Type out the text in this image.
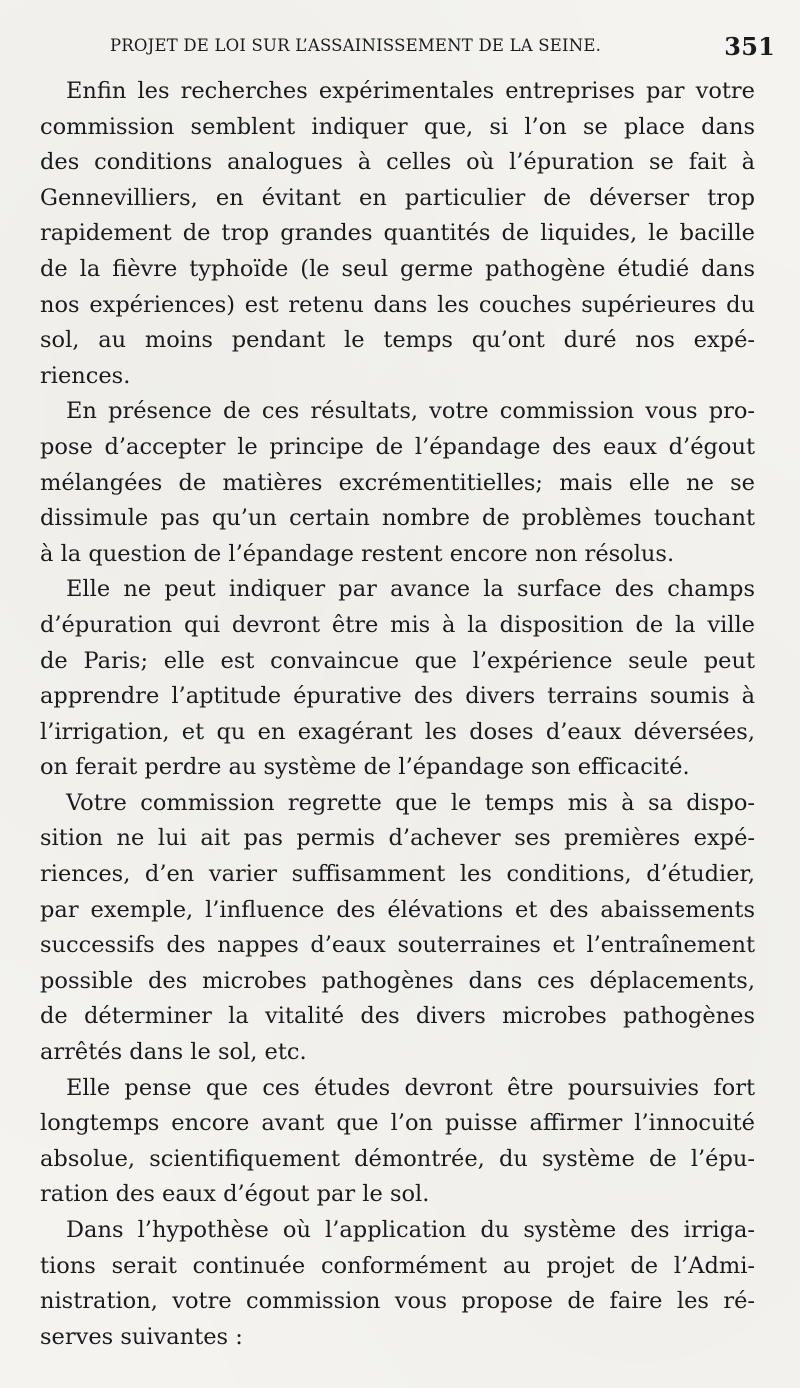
PROJET DE LOI SUR L’ASSAINISSEMENT DE LA SEINE.	351
Enfin les recherches expérimentales entreprises par votre
commission semblent indiquer que, si l’on se place dans
des conditions analogues à celles où l’épuration se fait à
Gennevilliers, en évitant en particulier de déverser trop
rapidement de trop grandes quantités de liquides, le bacille
de la fièvre typhoïde (le seul germe pathogène étudié dans
nos expériences) est retenu dans les couches supérieures du
sol, au moins pendant le temps qu’ont duré nos expé-
riences.
En présence de ces résultats, votre commission vous pro-
pose d’accepter le principe de l’épandage des eaux d’égout
mélangées de matières excrémentitielles; mais elle ne se
dissimule pas qu’un certain nombre de problèmes touchant
à la question de l’épandage restent encore non résolus.
Elle ne peut indiquer par avance la surface des champs
d’épuration qui devront être mis à la disposition de la ville
de Paris; elle est convaincue que l’expérience seule peut
apprendre l’aptitude épurative des divers terrains soumis à
l’irrigation, et qu en exagérant les doses d’eaux déversées,
on ferait perdre au système de l’épandage son efficacité.
Votre commission regrette que le temps mis à sa dispo-
sition ne lui ait pas permis d’achever ses premières expé-
riences, d’en varier suffisamment les conditions, d’étudier,
par exemple, l’influence des élévations et des abaissements
successifs des nappes d’eaux souterraines et l’entraînement
possible des microbes pathogènes dans ces déplacements,
de déterminer la vitalité des divers microbes pathogènes
arrêtés dans le sol, etc.
Elle pense que ces études devront être poursuivies fort
longtemps encore avant que l’on puisse affirmer l’innocuité
absolue, scientifiquement démontrée, du système de l’épu-
ration des eaux d’égout par le sol.
Dans l’hypothèse où l’application du système des irriga-
tions serait continuée conformément au projet de l’Admi-
nistration, votre commission vous propose de faire les ré-
serves suivantes :
